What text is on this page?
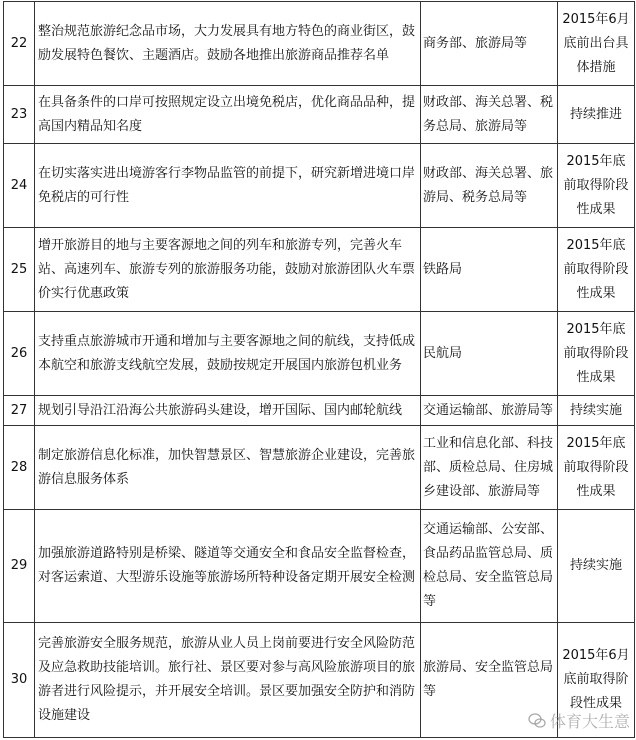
22	整治规范旅游纪念品市场，大力发展具有地方特色的商业街区，鼓励发展特色餐饮、主题酒店。鼓励各地推出旅游商品推荐名单	商务部、旅游局等	2015年6月底前出台具体措施
23	在具备条件的口岸可按照规定设立出境免税店，优化商品品种，提高国内精品知名度	财政部、海关总署、税务总局、旅游局等	持续推进
24	在切实落实进出境游客行李物品监管的前提下，研究新增进境口岸免税店的可行性	财政部、海关总署、旅游局、税务总局等	2015年底前取得阶段性成果
25	增开旅游目的地与主要客源地之间的列车和旅游专列，完善火车站、高速列车、旅游专列的旅游服务功能，鼓励对旅游团队火车票价实行优惠政策	铁路局	2015年底前取得阶段性成果
26	支持重点旅游城市开通和增加与主要客源地之间的航线，支持低成本航空和旅游支线航空发展，鼓励按规定开展国内旅游包机业务	民航局	2015年底前取得阶段性成果
27	规划引导沿江沿海公共旅游码头建设，增开国际、国内邮轮航线	交通运输部、旅游局等	持续实施
28	制定旅游信息化标准，加快智慧景区、智慧旅游企业建设，完善旅游信息服务体系	工业和信息化部、科技部、质检总局、住房城乡建设部、旅游局等	2015年底前取得阶段性成果
29	加强旅游道路特别是桥梁、隧道等交通安全和食品安全监督检查，对客运索道、大型游乐设施等旅游场所特种设备定期开展安全检测	交通运输部、公安部、食品药品监管总局、质检总局、安全监管总局等	持续实施
30	完善旅游安全服务规范，旅游从业人员上岗前要进行安全风险防范及应急救助技能培训。旅行社、景区要对参与高风险旅游项目的旅游者进行风险提示，并开展安全培训。景区要加强安全防护和消防设施建设	旅游局、安全监管总局等	2015年6月底前取得阶段性成果
体育大生意
